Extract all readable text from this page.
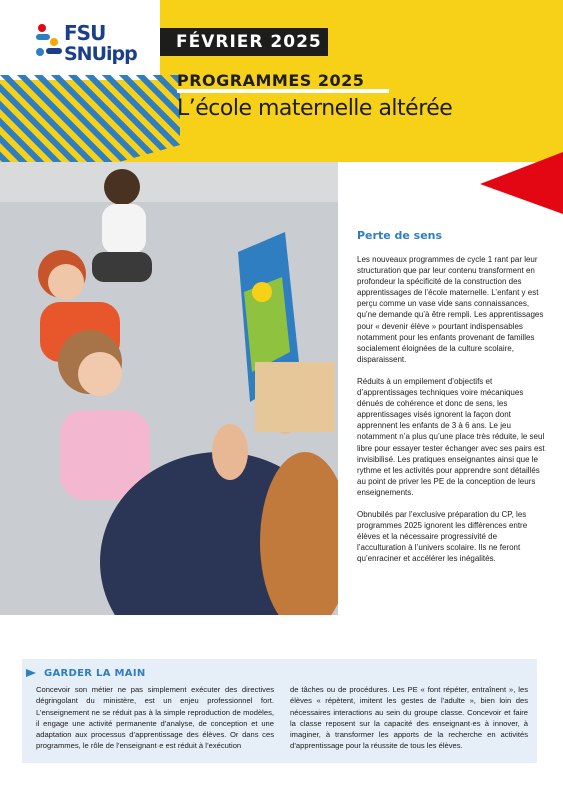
FSU
SNUipp
FÉVRIER 2025
PROGRAMMES 2025
L’école maternelle altérée
Perte de sens

Les nouveaux programmes de cycle 1 rant par leur structuration que par leur contenu transforment en profondeur la spécificité de la construction des apprentissages de l’école maternelle. L’enfant y est perçu comme un vase vide sans connaissances, qu’ne demande qu’à être rempli. Les apprentissages pour « devenir élève » pourtant indispensables notamment pour les enfants provenant de familles socialement éloignées de la culture scolaire, disparaissent.

Réduits à un empilement d’objectifs et d’apprentissages techniques voire mécaniques dénués de cohérence et donc de sens, les apprentissages visés ignorent la façon dont apprennent les enfants de 3 à 6 ans. Le jeu notamment n’a plus qu’une place très réduite, le seul libre pour essayer tester échanger avec ses pairs est invisibilisé. Les pratiques enseignantes ainsi que le rythme et les activités pour apprendre sont détaillés au point de priver les PE de la conception de leurs enseignements.

Obnubilés par l’exclusive préparation du CP, les programmes 2025 ignorent les différences entre élèves et la nécessaire progressivité de l’acculturation à l’univers scolaire. Ils ne feront qu’enraciner et accélérer les inégalités.

GARDER LA MAIN
Concevoir son métier ne pas simplement exécuter des directives dégringolant du ministère, est un enjeu professionnel fort. L’enseignement ne se réduit pas à la simple reproduction de modèles, il engage une activité permanente d’analyse, de conception et une adaptation aux processus d’apprentissage des élèves. Or dans ces programmes, le rôle de l’enseignant·e est réduit à l’exécution
de tâches ou de procédures. Les PE « font répéter, entraînent », les élèves « répètent, imitent les gestes de l’adulte », bien loin des nécessaires interactions au sein du groupe classe. Concevoir et faire la classe reposent sur la capacité des enseignant·es à innover, à imaginer, à transformer les apports de la recherche en activités d’apprentissage pour la réussite de tous les élèves.
